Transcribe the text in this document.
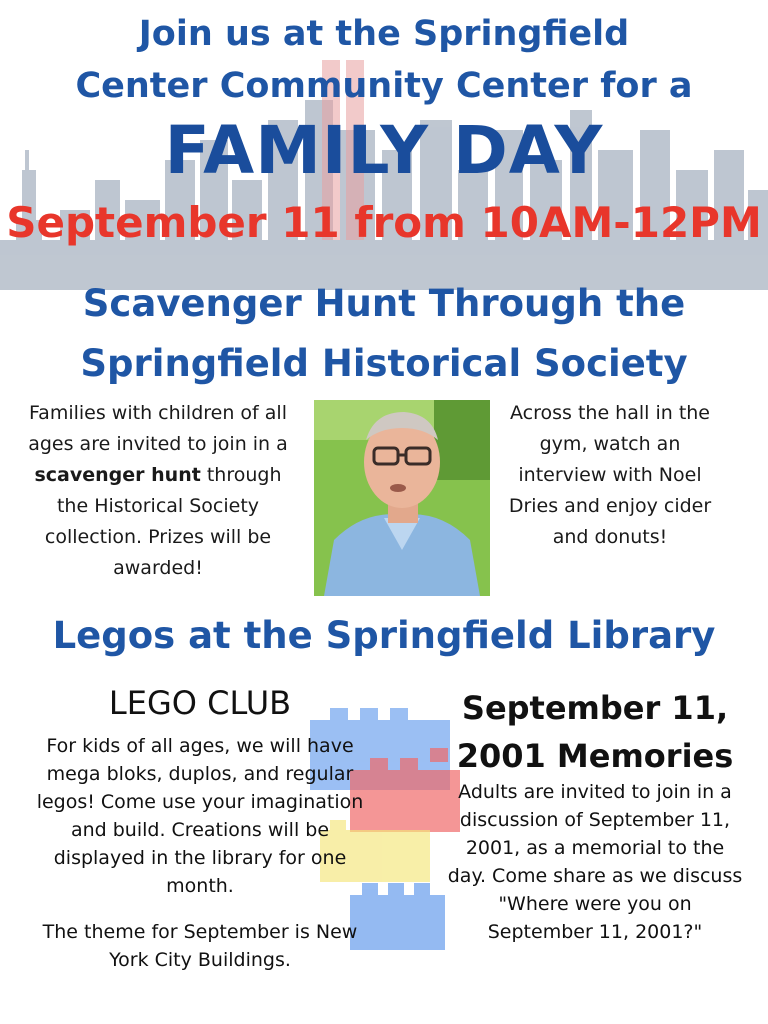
Join us at the Springfield
Center Community Center for a
FAMILY DAY
September 11 from 10AM-12PM
Scavenger Hunt Through the
Springfield Historical Society
Families with children of all ages are invited to join in a scavenger hunt through the Historical Society collection. Prizes will be awarded!
Across the hall in the gym, watch an interview with Noel Dries and enjoy cider and donuts!
Legos at the Springfield Library
LEGO CLUB
For kids of all ages, we will have mega bloks, duplos, and regular legos! Come use your imagination and build. Creations will be displayed in the library for one month.
The theme for September is New York City Buildings.
September 11,
2001 Memories
Adults are invited to join in a discussion of September 11, 2001, as a memorial to the day. Come share as we discuss "Where were you on September 11, 2001?"
